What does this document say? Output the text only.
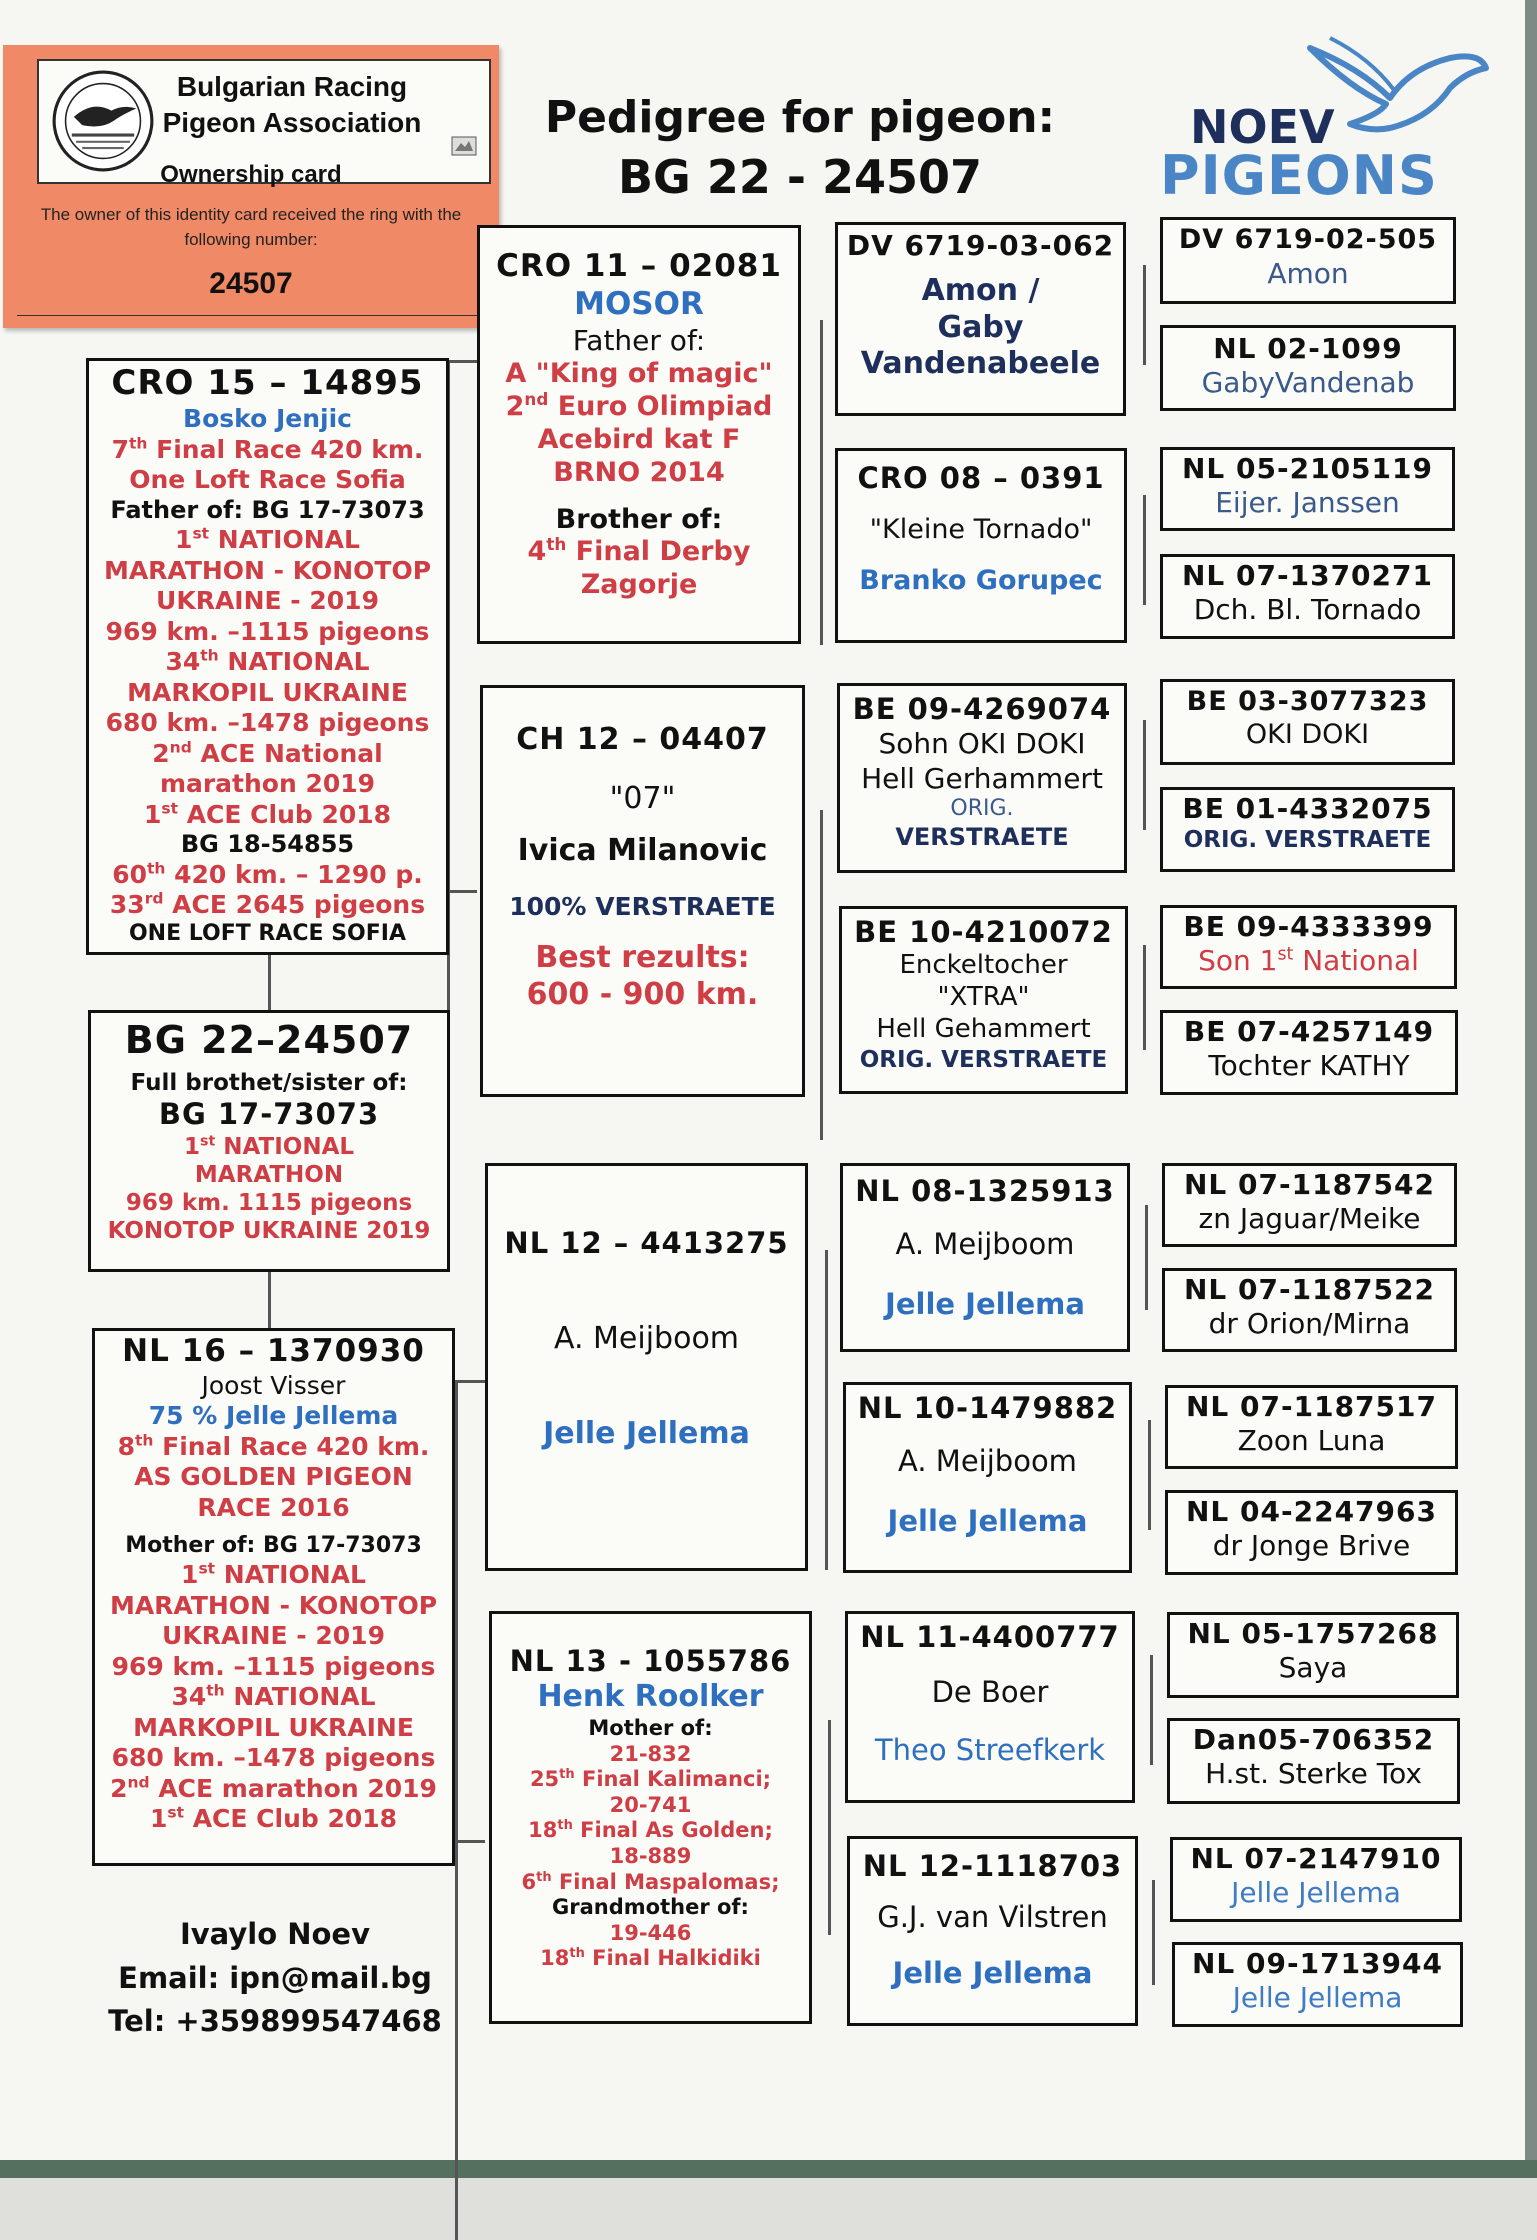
Bulgarian Racing Pigeon Association
Ownership card
The owner of this identity card received the ring with the following number:
24507
Pedigree for pigeon:
BG 22 - 24507
NOEV
PIGEONS
CRO 15 – 14895
Bosko Jenjic
7th Final Race 420 km.
One Loft Race Sofia
Father of: BG 17-73073
1st NATIONAL
MARATHON - KONOTOP
UKRAINE - 2019
969 km. –1115 pigeons
34th NATIONAL
MARKOPIL UKRAINE
680 km. –1478 pigeons
2nd ACE National
marathon 2019
1st ACE Club 2018
BG 18-54855
60th 420 km. – 1290 p.
33rd ACE 2645 pigeons
ONE LOFT RACE SOFIA
BG 22–24507
Full brothet/sister of:
BG 17-73073
1st NATIONAL
MARATHON
969 km. 1115 pigeons
KONOTOP UKRAINE 2019
NL 16 – 1370930
Joost Visser
75 % Jelle Jellema
8th Final Race 420 km.
AS GOLDEN PIGEON
RACE 2016
Mother of: BG 17-73073
1st NATIONAL
MARATHON - KONOTOP
UKRAINE - 2019
969 km. –1115 pigeons
34th NATIONAL
MARKOPIL UKRAINE
680 km. –1478 pigeons
2nd ACE marathon 2019
1st ACE Club 2018
CRO 11 – 02081
MOSOR
Father of:
A "King of magic"
2nd Euro Olimpiad
Acebird kat F
BRNO 2014
Brother of:
4th Final Derby
Zagorje
CH 12 – 04407
"07"
Ivica Milanovic
100% VERSTRAETE
Best rezults:
600 - 900 km.
NL 12 – 4413275
A. Meijboom
Jelle Jellema
NL 13 - 1055786
Henk Roolker
Mother of:
21-832
25th Final Kalimanci;
20-741
18th Final As Golden;
18-889
6th Final Maspalomas;
Grandmother of:
19-446
18th Final Halkidiki
DV 6719-03-062
Amon /
Gaby
Vandenabeele
CRO 08 – 0391
"Kleine Tornado"
Branko Gorupec
BE 09-4269074
Sohn OKI DOKI
Hell Gerhammert
ORIG.
VERSTRAETE
BE 10-4210072
Enckeltocher
"XTRA"
Hell Gehammert
ORIG. VERSTRAETE
NL 08-1325913
A. Meijboom
Jelle Jellema
NL 10-1479882
A. Meijboom
Jelle Jellema
NL 11-4400777
De Boer
Theo Streefkerk
NL 12-1118703
G.J. van Vilstren
Jelle Jellema
DV 6719-02-505
Amon
NL 02-1099
GabyVandenab
NL 05-2105119
Eijer. Janssen
NL 07-1370271
Dch. Bl. Tornado
BE 03-3077323
OKI DOKI
BE 01-4332075
ORIG. VERSTRAETE
BE 09-4333399
Son 1st National
BE 07-4257149
Tochter KATHY
NL 07-1187542
zn Jaguar/Meike
NL 07-1187522
dr Orion/Mirna
NL 07-1187517
Zoon Luna
NL 04-2247963
dr Jonge Brive
NL 05-1757268
Saya
Dan05-706352
H.st. Sterke Tox
NL 07-2147910
Jelle Jellema
NL 09-1713944
Jelle Jellema
Ivaylo Noev
Email: ipn@mail.bg
Tel: +359899547468
